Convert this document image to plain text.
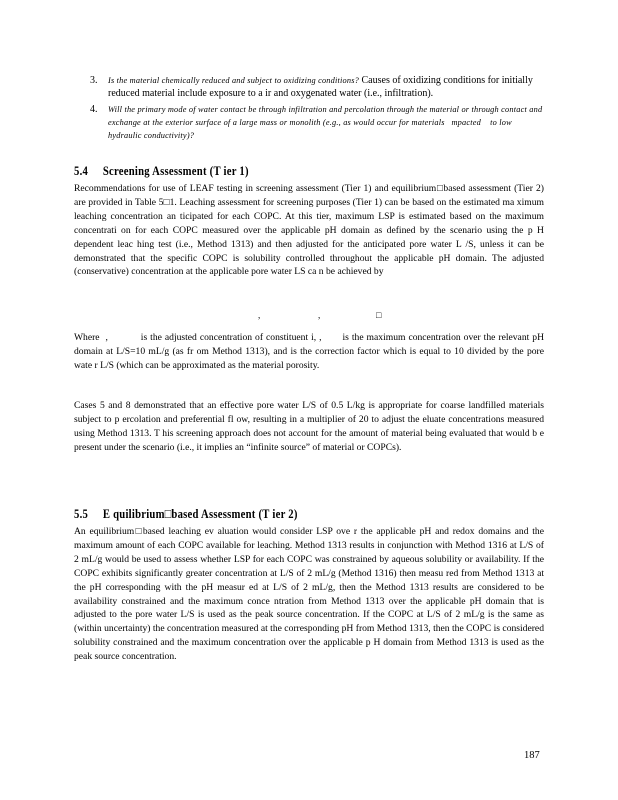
3. Is the material chemically reduced and subject to oxidizing conditions? Causes of oxidizing conditions for initially reduced material include exposure to a ir and oxygenated water (i.e., infiltration).
4. Will the primary mode of water contact be through infiltration and percolation through the material or through contact and exchange at the exterior surface of a large mass or monolith (e.g., as would occur for materials   mpacted    to low hydraulic conductivity)?
5.4 Screening Assessment (T ier 1)

Recommendations for use of LEAF testing in screening assessment (Tier 1) and equilibrium□based assessment (Tier 2) are provided in Table 5□1. Leaching assessment for screening purposes (Tier 1) can be based on the estimated ma ximum leaching concentration an ticipated for each COPC. At this tier, maximum LSP is estimated based on the maximum concentrati on for each COPC measured over the applicable pH domain as defined by the scenario using the p H dependent leac hing test (i.e., Method 1313) and then adjusted for the anticipated pore water L /S, unless it can be demonstrated that the specific COPC is solubility controlled throughout the applicable pH domain. The adjusted (conservative) concentration at the applicable pore water LS ca n be achieved by

,	,	□

Where  ,           is the adjusted concentration of constituent i, ,       is the maximum concentration over the relevant pH domain at L/S=10 mL/g (as fr om Method 1313), and is the correction factor which is equal to 10 divided by the pore wate r L/S (which can be approximated as the material porosity.

Cases 5 and 8 demonstrated that an effective pore water L/S of 0.5 L/kg is appropriate for coarse landfilled materials subject to p ercolation and preferential fl ow, resulting in a multiplier of 20 to adjust the eluate concentrations measured using Method 1313. T his screening approach does not account for the amount of material being evaluated that would b e present under the scenario (i.e., it implies an “infinite source” of material or COPCs).

5.5 E quilibrium□based Assessment (T ier 2)

An equilibrium□based leaching ev aluation would consider LSP ove r the applicable pH and redox domains and the maximum amount of each COPC available for leaching. Method 1313 results in conjunction with Method 1316 at L/S of 2 mL/g would be used to assess whether LSP for each COPC was constrained by aqueous solubility or availability. If the COPC exhibits significantly greater concentration at L/S of 2 mL/g (Method 1316) then measu red from Method 1313 at the pH corresponding with the pH measur ed at L/S of 2 mL/g, then the Method 1313 results are considered to be availability constrained and the maximum conce ntration from Method 1313 over the applicable pH domain that is adjusted to the pore water L/S is used as the peak source concentration. If the COPC at L/S of 2 mL/g is the same as (within uncertainty) the concentration measured at the corresponding pH from Method 1313, then the COPC is considered solubility constrained and the maximum concentration over the applicable p H domain from Method 1313 is used as the peak source concentration.

187
